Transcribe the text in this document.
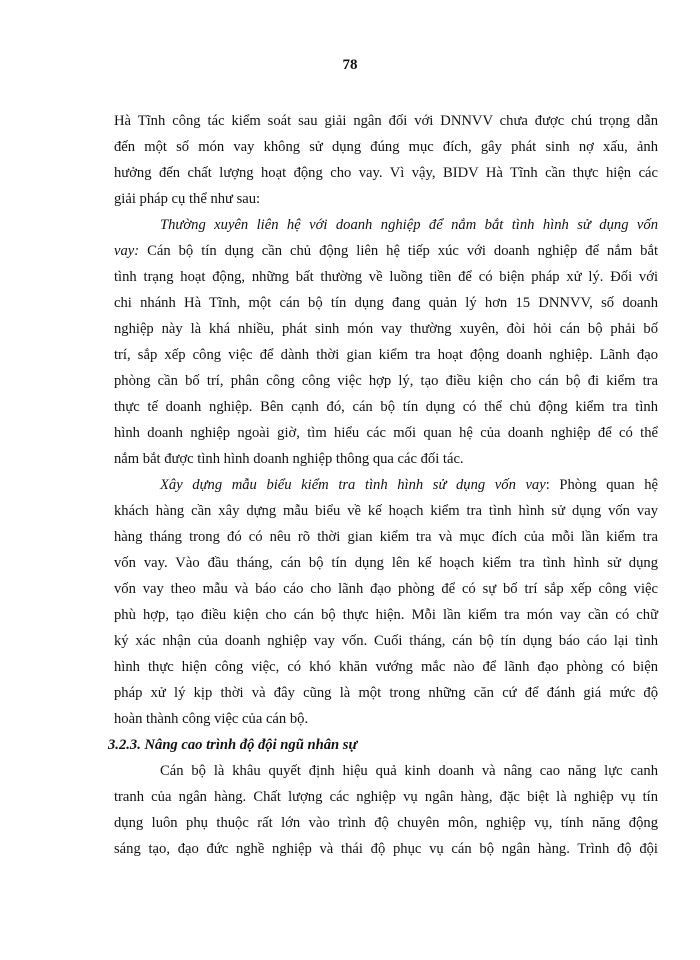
78
Hà Tĩnh công tác kiểm soát sau giải ngân đối với DNNVV chưa được chú trọng dẫn
đến một số món vay không sử dụng đúng mục đích, gây phát sinh nợ xấu, ảnh
hưởng đến chất lượng hoạt động cho vay. Vì vậy, BIDV Hà Tĩnh cần thực hiện các
giải pháp cụ thể như sau:
Thường xuyên liên hệ với doanh nghiệp để nắm bắt tình hình sử dụng vốn
vay: Cán bộ tín dụng cần chủ động liên hệ tiếp xúc với doanh nghiệp để nắm bắt
tình trạng hoạt động, những bất thường về luồng tiền để có biện pháp xử lý. Đối với
chi nhánh Hà Tĩnh, một cán bộ tín dụng đang quản lý hơn 15 DNNVV, số doanh
nghiệp này là khá nhiều, phát sinh món vay thường xuyên, đòi hỏi cán bộ phải bố
trí, sắp xếp công việc để dành thời gian kiểm tra hoạt động doanh nghiệp. Lãnh đạo
phòng cần bố trí, phân công công việc hợp lý, tạo điều kiện cho cán bộ đi kiểm tra
thực tế doanh nghiệp. Bên cạnh đó, cán bộ tín dụng có thể chủ động kiểm tra tình
hình doanh nghiệp ngoài giờ, tìm hiểu các mối quan hệ của doanh nghiệp để có thể
nắm bắt được tình hình doanh nghiệp thông qua các đối tác.
Xây dựng mẫu biểu kiểm tra tình hình sử dụng vốn vay: Phòng quan hệ
khách hàng cần xây dựng mẫu biểu về kế hoạch kiểm tra tình hình sử dụng vốn vay
hàng tháng trong đó có nêu rõ thời gian kiểm tra và mục đích của mỗi lần kiểm tra
vốn vay. Vào đầu tháng, cán bộ tín dụng lên kế hoạch kiểm tra tình hình sử dụng
vốn vay theo mẫu và báo cáo cho lãnh đạo phòng để có sự bố trí sắp xếp công việc
phù hợp, tạo điều kiện cho cán bộ thực hiện. Mỗi lần kiểm tra món vay cần có chữ
ký xác nhận của doanh nghiệp vay vốn. Cuối tháng, cán bộ tín dụng báo cáo lại tình
hình thực hiện công việc, có khó khăn vướng mắc nào để lãnh đạo phòng có biện
pháp xử lý kịp thời và đây cũng là một trong những căn cứ để đánh giá mức độ
hoàn thành công việc của cán bộ.
3.2.3. Nâng cao trình độ đội ngũ nhân sự
Cán bộ là khâu quyết định hiệu quả kinh doanh và nâng cao năng lực canh
tranh của ngân hàng. Chất lượng các nghiệp vụ ngân hàng, đặc biệt là nghiệp vụ tín
dụng luôn phụ thuộc rất lớn vào trình độ chuyên môn, nghiệp vụ, tính năng động
sáng tạo, đạo đức nghề nghiệp và thái độ phục vụ cán bộ ngân hàng. Trình độ đội
